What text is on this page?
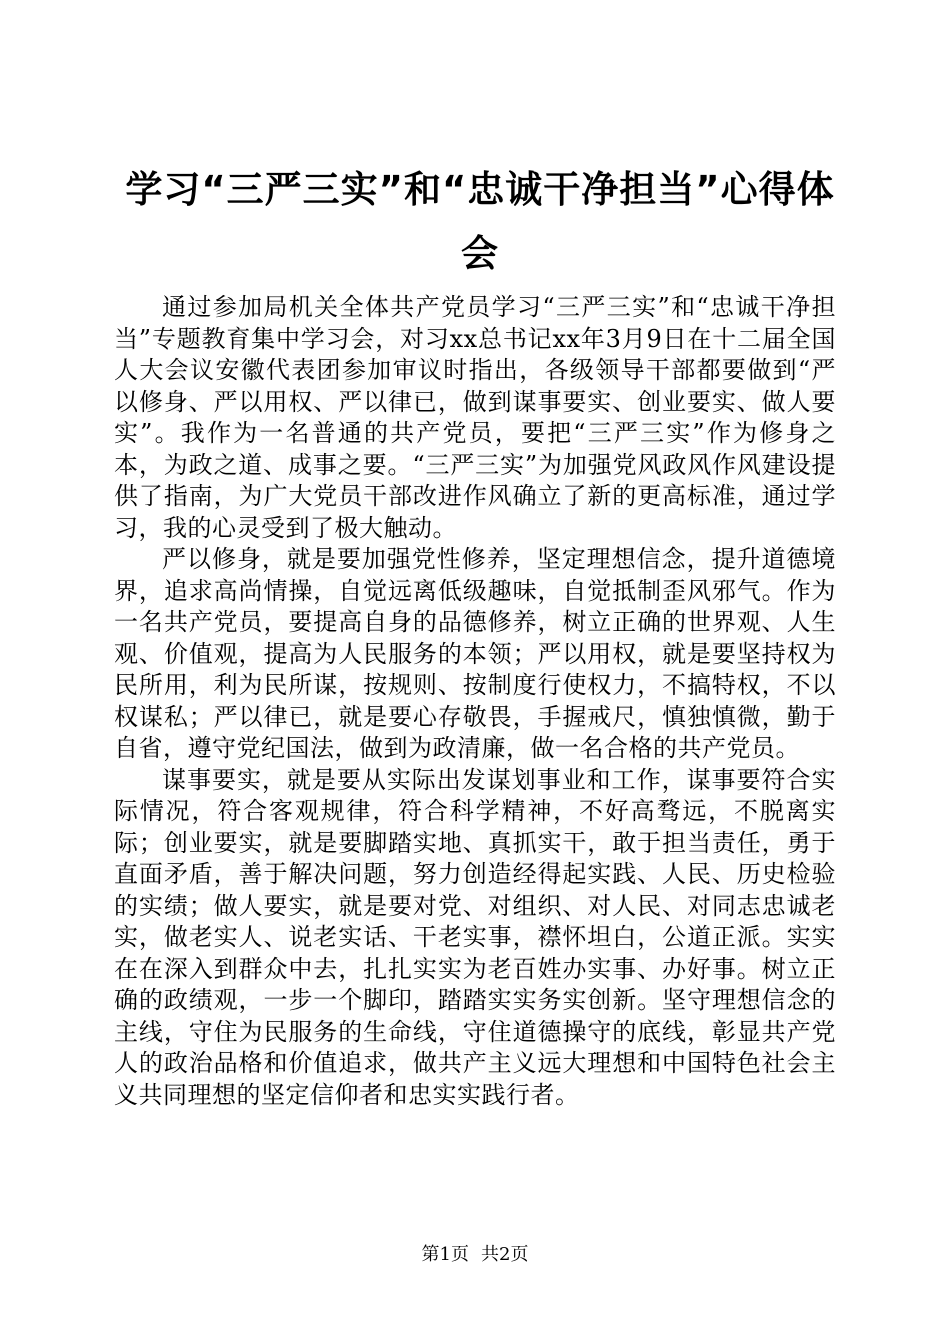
学习“三严三实”和“忠诚干净担当”心得体会

通过参加局机关全体共产党员学习“三严三实”和“忠诚干净担当”专题教育集中学习会，对习xx总书记xx年3月9日在十二届全国人大会议安徽代表团参加审议时指出，各级领导干部都要做到“严以修身、严以用权、严以律已，做到谋事要实、创业要实、做人要实”。我作为一名普通的共产党员，要把“三严三实”作为修身之本，为政之道、成事之要。“三严三实”为加强党风政风作风建设提供了指南，为广大党员干部改进作风确立了新的更高标准，通过学习，我的心灵受到了极大触动。

严以修身，就是要加强党性修养，坚定理想信念，提升道德境界，追求高尚情操，自觉远离低级趣味，自觉抵制歪风邪气。作为一名共产党员，要提高自身的品德修养，树立正确的世界观、人生观、价值观，提高为人民服务的本领；严以用权，就是要坚持权为民所用，利为民所谋，按规则、按制度行使权力，不搞特权，不以权谋私；严以律已，就是要心存敬畏，手握戒尺，慎独慎微，勤于自省，遵守党纪国法，做到为政清廉，做一名合格的共产党员。

谋事要实，就是要从实际出发谋划事业和工作，谋事要符合实际情况，符合客观规律，符合科学精神，不好高骛远，不脱离实际；创业要实，就是要脚踏实地、真抓实干，敢于担当责任，勇于直面矛盾，善于解决问题，努力创造经得起实践、人民、历史检验的实绩；做人要实，就是要对党、对组织、对人民、对同志忠诚老实，做老实人、说老实话、干老实事，襟怀坦白，公道正派。实实在在深入到群众中去，扎扎实实为老百姓办实事、办好事。树立正确的政绩观，一步一个脚印，踏踏实实务实创新。坚守理想信念的主线，守住为民服务的生命线，守住道德操守的底线，彰显共产党人的政治品格和价值追求，做共产主义远大理想和中国特色社会主义共同理想的坚定信仰者和忠实实践行者。

第1页 共2页
